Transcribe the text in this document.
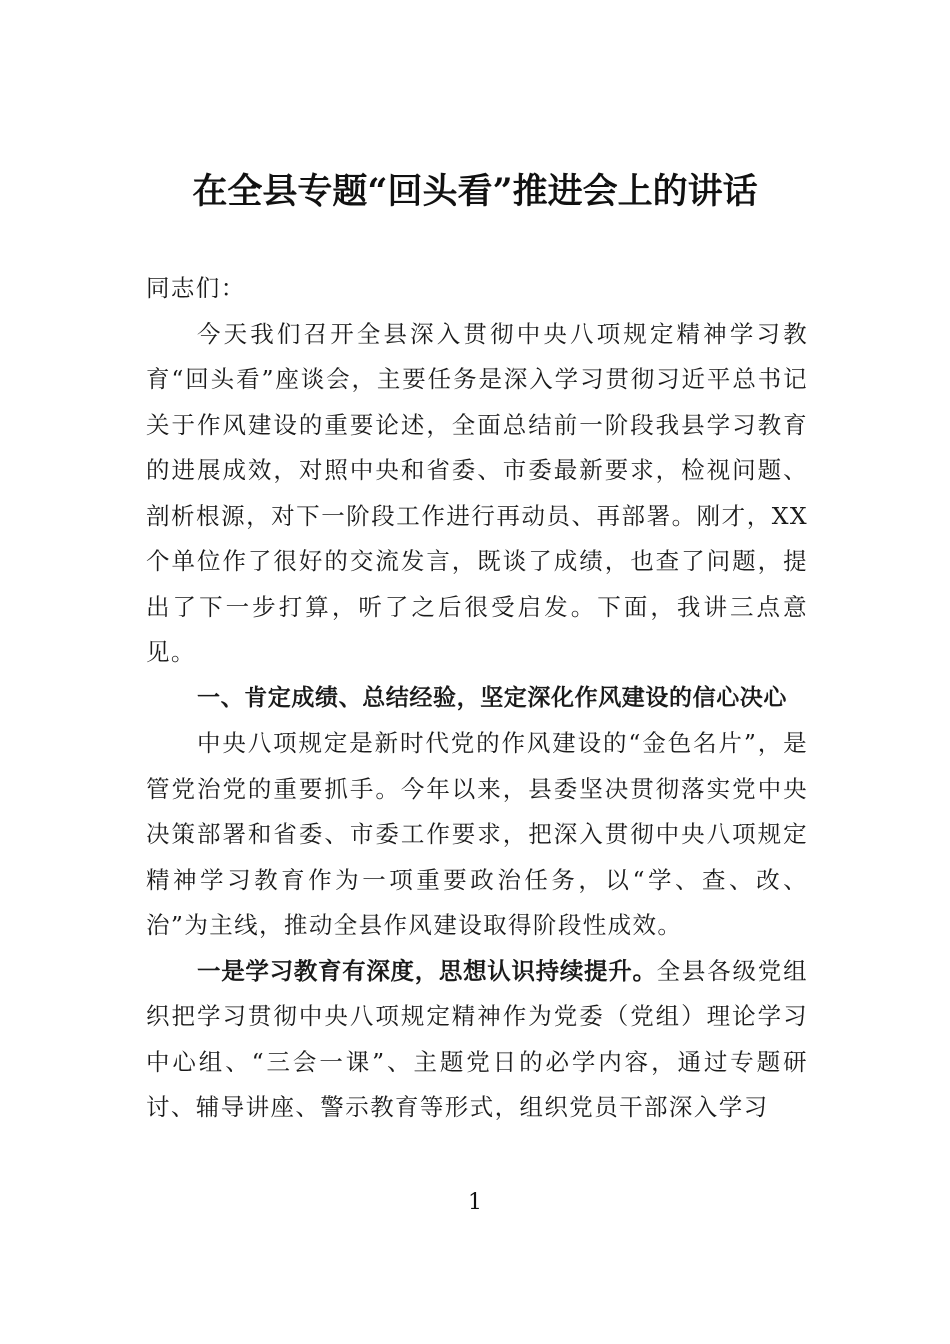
在全县专题“回头看”推进会上的讲话

同志们：

今天我们召开全县深入贯彻中央八项规定精神学习教育“回头看”座谈会，主要任务是深入学习贯彻习近平总书记关于作风建设的重要论述，全面总结前一阶段我县学习教育的进展成效，对照中央和省委、市委最新要求，检视问题、剖析根源，对下一阶段工作进行再动员、再部署。刚才，XX个单位作了很好的交流发言，既谈了成绩，也查了问题，提出了下一步打算，听了之后很受启发。下面，我讲三点意见。

一、肯定成绩、总结经验，坚定深化作风建设的信心决心

中央八项规定是新时代党的作风建设的“金色名片”，是管党治党的重要抓手。今年以来，县委坚决贯彻落实党中央决策部署和省委、市委工作要求，把深入贯彻中央八项规定精神学习教育作为一项重要政治任务，以“学、查、改、治”为主线，推动全县作风建设取得阶段性成效。

一是学习教育有深度，思想认识持续提升。全县各级党组织把学习贯彻中央八项规定精神作为党委（党组）理论学习中心组、“三会一课”、主题党日的必学内容，通过专题研讨、辅导讲座、警示教育等形式，组织党员干部深入学习

1
